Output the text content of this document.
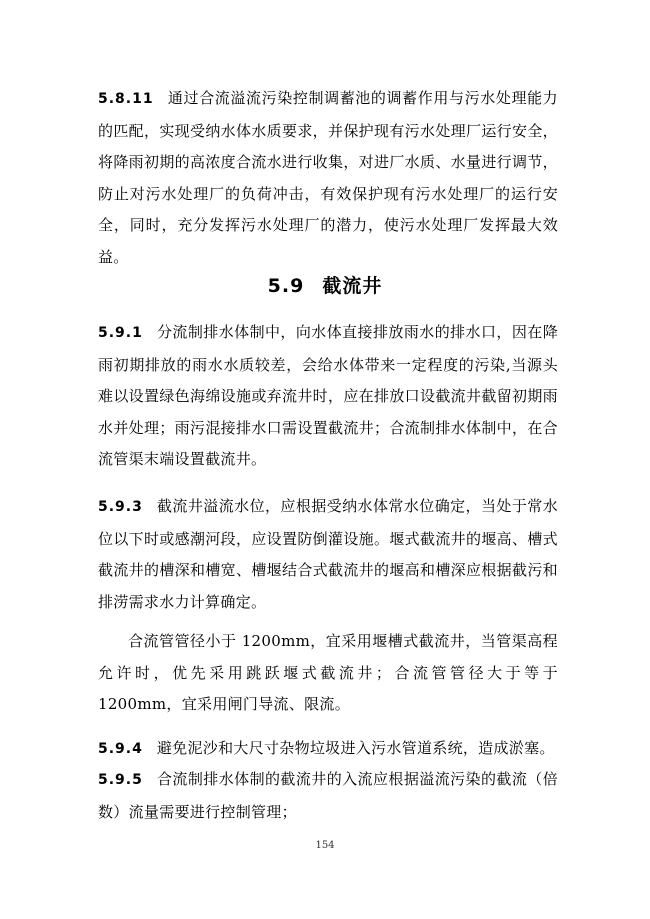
5.8.11 通过合流溢流污染控制调蓄池的调蓄作用与污水处理能力的匹配，实现受纳水体水质要求，并保护现有污水处理厂运行安全，将降雨初期的高浓度合流水进行收集，对进厂水质、水量进行调节，防止对污水处理厂的负荷冲击，有效保护现有污水处理厂的运行安全，同时，充分发挥污水处理厂的潜力，使污水处理厂发挥最大效益。

5.9 截流井

5.9.1 分流制排水体制中，向水体直接排放雨水的排水口，因在降雨初期排放的雨水水质较差，会给水体带来一定程度的污染,当源头难以设置绿色海绵设施或弃流井时，应在排放口设截流井截留初期雨水并处理；雨污混接排水口需设置截流井；合流制排水体制中，在合流管渠末端设置截流井。

5.9.3 截流井溢流水位，应根据受纳水体常水位确定，当处于常水位以下时或感潮河段，应设置防倒灌设施。堰式截流井的堰高、槽式截流井的槽深和槽宽、槽堰结合式截流井的堰高和槽深应根据截污和排涝需求水力计算确定。

合流管管径小于 1200mm，宜采用堰槽式截流井，当管渠高程允许时，优先采用跳跃堰式截流井；合流管管径大于等于 1200mm，宜采用闸门导流、限流。

5.9.4 避免泥沙和大尺寸杂物垃圾进入污水管道系统，造成淤塞。

5.9.5 合流制排水体制的截流井的入流应根据溢流污染的截流（倍数）流量需要进行控制管理；

154
